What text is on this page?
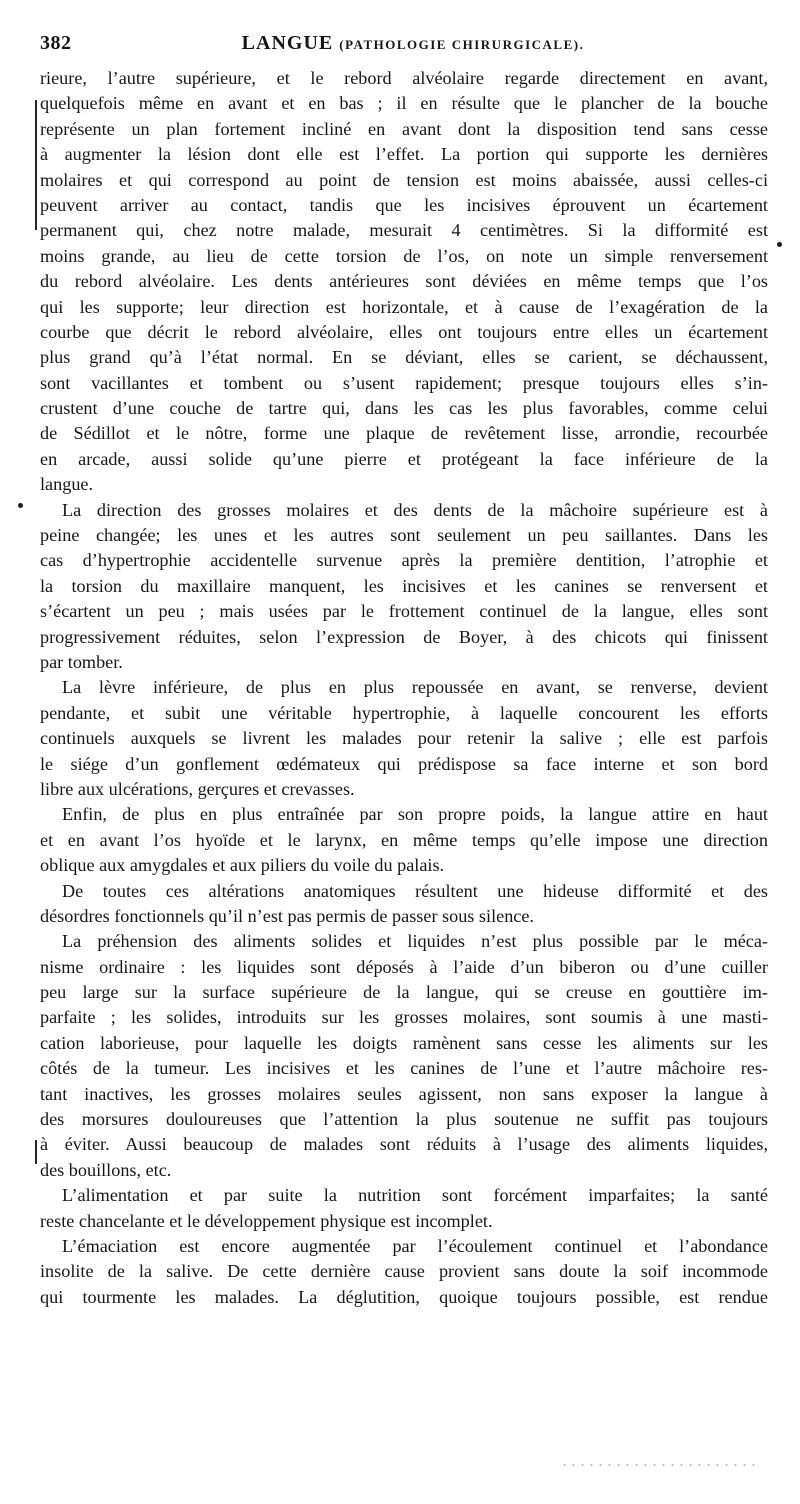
382	LANGUE (PATHOLOGIE CHIRURGICALE).
rieure, l’autre supérieure, et le rebord alvéolaire regarde directement en avant,
quelquefois même en avant et en bas ; il en résulte que le plancher de la bouche
représente un plan fortement incliné en avant dont la disposition tend sans cesse
à augmenter la lésion dont elle est l’effet. La portion qui supporte les dernières
molaires et qui correspond au point de tension est moins abaissée, aussi celles-ci
peuvent arriver au contact, tandis que les incisives éprouvent un écartement
permanent qui, chez notre malade, mesurait 4 centimètres. Si la difformité est
moins grande, au lieu de cette torsion de l’os, on note un simple renversement
du rebord alvéolaire. Les dents antérieures sont déviées en même temps que l’os
qui les supporte; leur direction est horizontale, et à cause de l’exagération de la
courbe que décrit le rebord alvéolaire, elles ont toujours entre elles un écartement
plus grand qu’à l’état normal. En se déviant, elles se carient, se déchaussent,
sont vacillantes et tombent ou s’usent rapidement; presque toujours elles s’in-
crustent d’une couche de tartre qui, dans les cas les plus favorables, comme celui
de Sédillot et le nôtre, forme une plaque de revêtement lisse, arrondie, recourbée
en arcade, aussi solide qu’une pierre et protégeant la face inférieure de la
langue.
La direction des grosses molaires et des dents de la mâchoire supérieure est à
peine changée; les unes et les autres sont seulement un peu saillantes. Dans les
cas d’hypertrophie accidentelle survenue après la première dentition, l’atrophie et
la torsion du maxillaire manquent, les incisives et les canines se renversent et
s’écartent un peu ; mais usées par le frottement continuel de la langue, elles sont
progressivement réduites, selon l’expression de Boyer, à des chicots qui finissent
par tomber.
La lèvre inférieure, de plus en plus repoussée en avant, se renverse, devient
pendante, et subit une véritable hypertrophie, à laquelle concourent les efforts
continuels auxquels se livrent les malades pour retenir la salive ; elle est parfois
le siége d’un gonflement œdémateux qui prédispose sa face interne et son bord
libre aux ulcérations, gerçures et crevasses.
Enfin, de plus en plus entraînée par son propre poids, la langue attire en haut
et en avant l’os hyoïde et le larynx, en même temps qu’elle impose une direction
oblique aux amygdales et aux piliers du voile du palais.
De toutes ces altérations anatomiques résultent une hideuse difformité et des
désordres fonctionnels qu’il n’est pas permis de passer sous silence.
La préhension des aliments solides et liquides n’est plus possible par le méca-
nisme ordinaire : les liquides sont déposés à l’aide d’un biberon ou d’une cuiller
peu large sur la surface supérieure de la langue, qui se creuse en gouttière im-
parfaite ; les solides, introduits sur les grosses molaires, sont soumis à une masti-
cation laborieuse, pour laquelle les doigts ramènent sans cesse les aliments sur les
côtés de la tumeur. Les incisives et les canines de l’une et l’autre mâchoire res-
tant inactives, les grosses molaires seules agissent, non sans exposer la langue à
des morsures douloureuses que l’attention la plus soutenue ne suffit pas toujours
à éviter. Aussi beaucoup de malades sont réduits à l’usage des aliments liquides,
des bouillons, etc.
L’alimentation et par suite la nutrition sont forcément imparfaites; la santé
reste chancelante et le développement physique est incomplet.
L’émaciation est encore augmentée par l’écoulement continuel et l’abondance
insolite de la salive. De cette dernière cause provient sans doute la soif incommode
qui tourmente les malades. La déglutition, quoique toujours possible, est rendue
